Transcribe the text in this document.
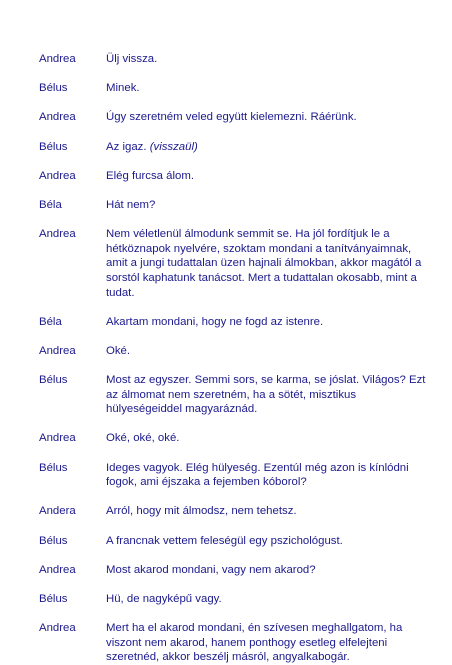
Andrea	Ülj vissza.
Bélus	Minek.
Andrea	Úgy szeretném veled együtt kielemezni. Ráérünk.
Bélus	Az igaz. (visszaül)
Andrea	Elég furcsa álom.
Béla	Hát nem?
Andrea	Nem véletlenül álmodunk semmit se. Ha jól fordítjuk le a hétköznapok nyelvére, szoktam mondani a tanítványaimnak, amit a jungi tudattalan üzen hajnali álmokban, akkor magától a sorstól kaphatunk tanácsot. Mert a tudattalan okosabb, mint a tudat.
Béla	Akartam mondani, hogy ne fogd az istenre.
Andrea	Oké.
Bélus	Most az egyszer. Semmi sors, se karma, se jóslat. Világos? Ezt az álmomat nem szeretném, ha a sötét, misztikus hülyeségeiddel magyaráznád.
Andrea	Oké, oké, oké.
Bélus	Ideges vagyok. Elég hülyeség. Ezentúl még azon is kínlódni fogok, ami éjszaka a fejemben kóborol?
Andera	Arról, hogy mit álmodsz, nem tehetsz.
Bélus	A francnak vettem feleségül egy pszichológust.
Andrea	Most akarod mondani, vagy nem akarod?
Bélus	Hü, de nagyképű vagy.
Andrea	Mert ha el akarod mondani, én szívesen meghallgatom, ha viszont nem akarod, hanem ponthogy esetleg elfelejteni szeretnéd, akkor beszélj másról, angyalkabogár.
